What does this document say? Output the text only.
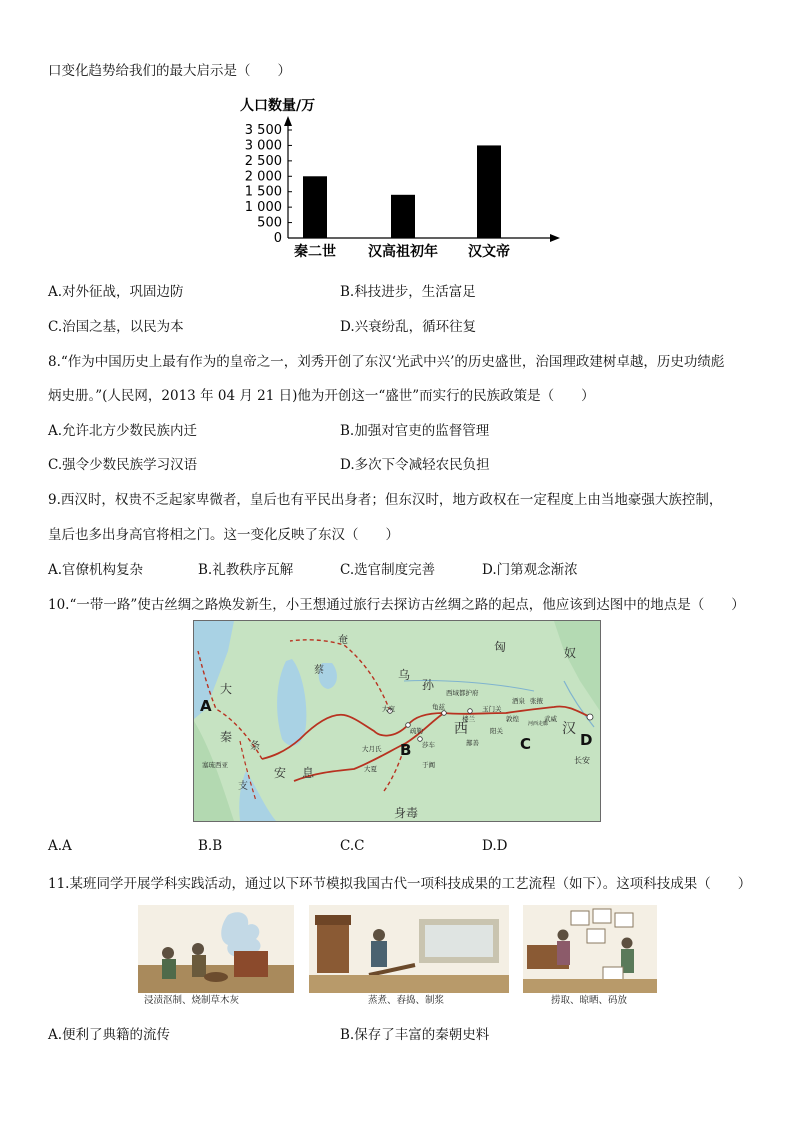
口变化趋势给我们的最大启示是（　　）
人口数量/万
3 500
3 000
2 500
2 000
1 500
1 000
500
0
秦二世 汉高祖初年 汉文帝
A.对外征战，巩固边防	B.科技进步，生活富足
C.治国之基，以民为本	D.兴衰纷乱，循环往复
8.“作为中国历史上最有作为的皇帝之一，刘秀开创了东汉‘光武中兴’的历史盛世，治国理政建树卓越，历史功绩彪
炳史册。”(人民网，2013 年 04 月 21 日)他为开创这一“盛世”而实行的民族政策是（　　）
A.允许北方少数民族内迁	B.加强对官吏的监督管理
C.强令少数民族学习汉语	D.多次下令减轻农民负担
9.西汉时，权贵不乏起家卑微者，皇后也有平民出身者；但东汉时，地方政权在一定程度上由当地豪强大族控制，
皇后也多出身高官将相之门。这一变化反映了东汉（　　）
A.官僚机构复杂	B.礼教秩序瓦解	C.选官制度完善	D.门第观念渐浓
10.“一带一路”使古丝绸之路焕发新生，小王想通过旅行去探访古丝绸之路的起点，他应该到达图中的地点是（　　）
匈	奴
奄
蔡	乌
孙
大
秦
条
支
安 息
身毒
西	汉
西域都护府
龟兹
楼兰
玉门关
酒泉 张掖
武威
敦煌
阳关
鄯善
大宛
疏勒
莎车
于阗
大月氏
大夏
塞琉西亚	长安
河西走廊
A
B	C	D
A.A	B.B	C.C	D.D
11.某班同学开展学科实践活动，通过以下环节模拟我国古代一项科技成果的工艺流程（如下）。这项科技成果（　　）
浸渍沤制、烧制草木灰	蒸煮、舂捣、制浆	捞取、晾晒、码放
A.便利了典籍的流传	B.保存了丰富的秦朝史料
